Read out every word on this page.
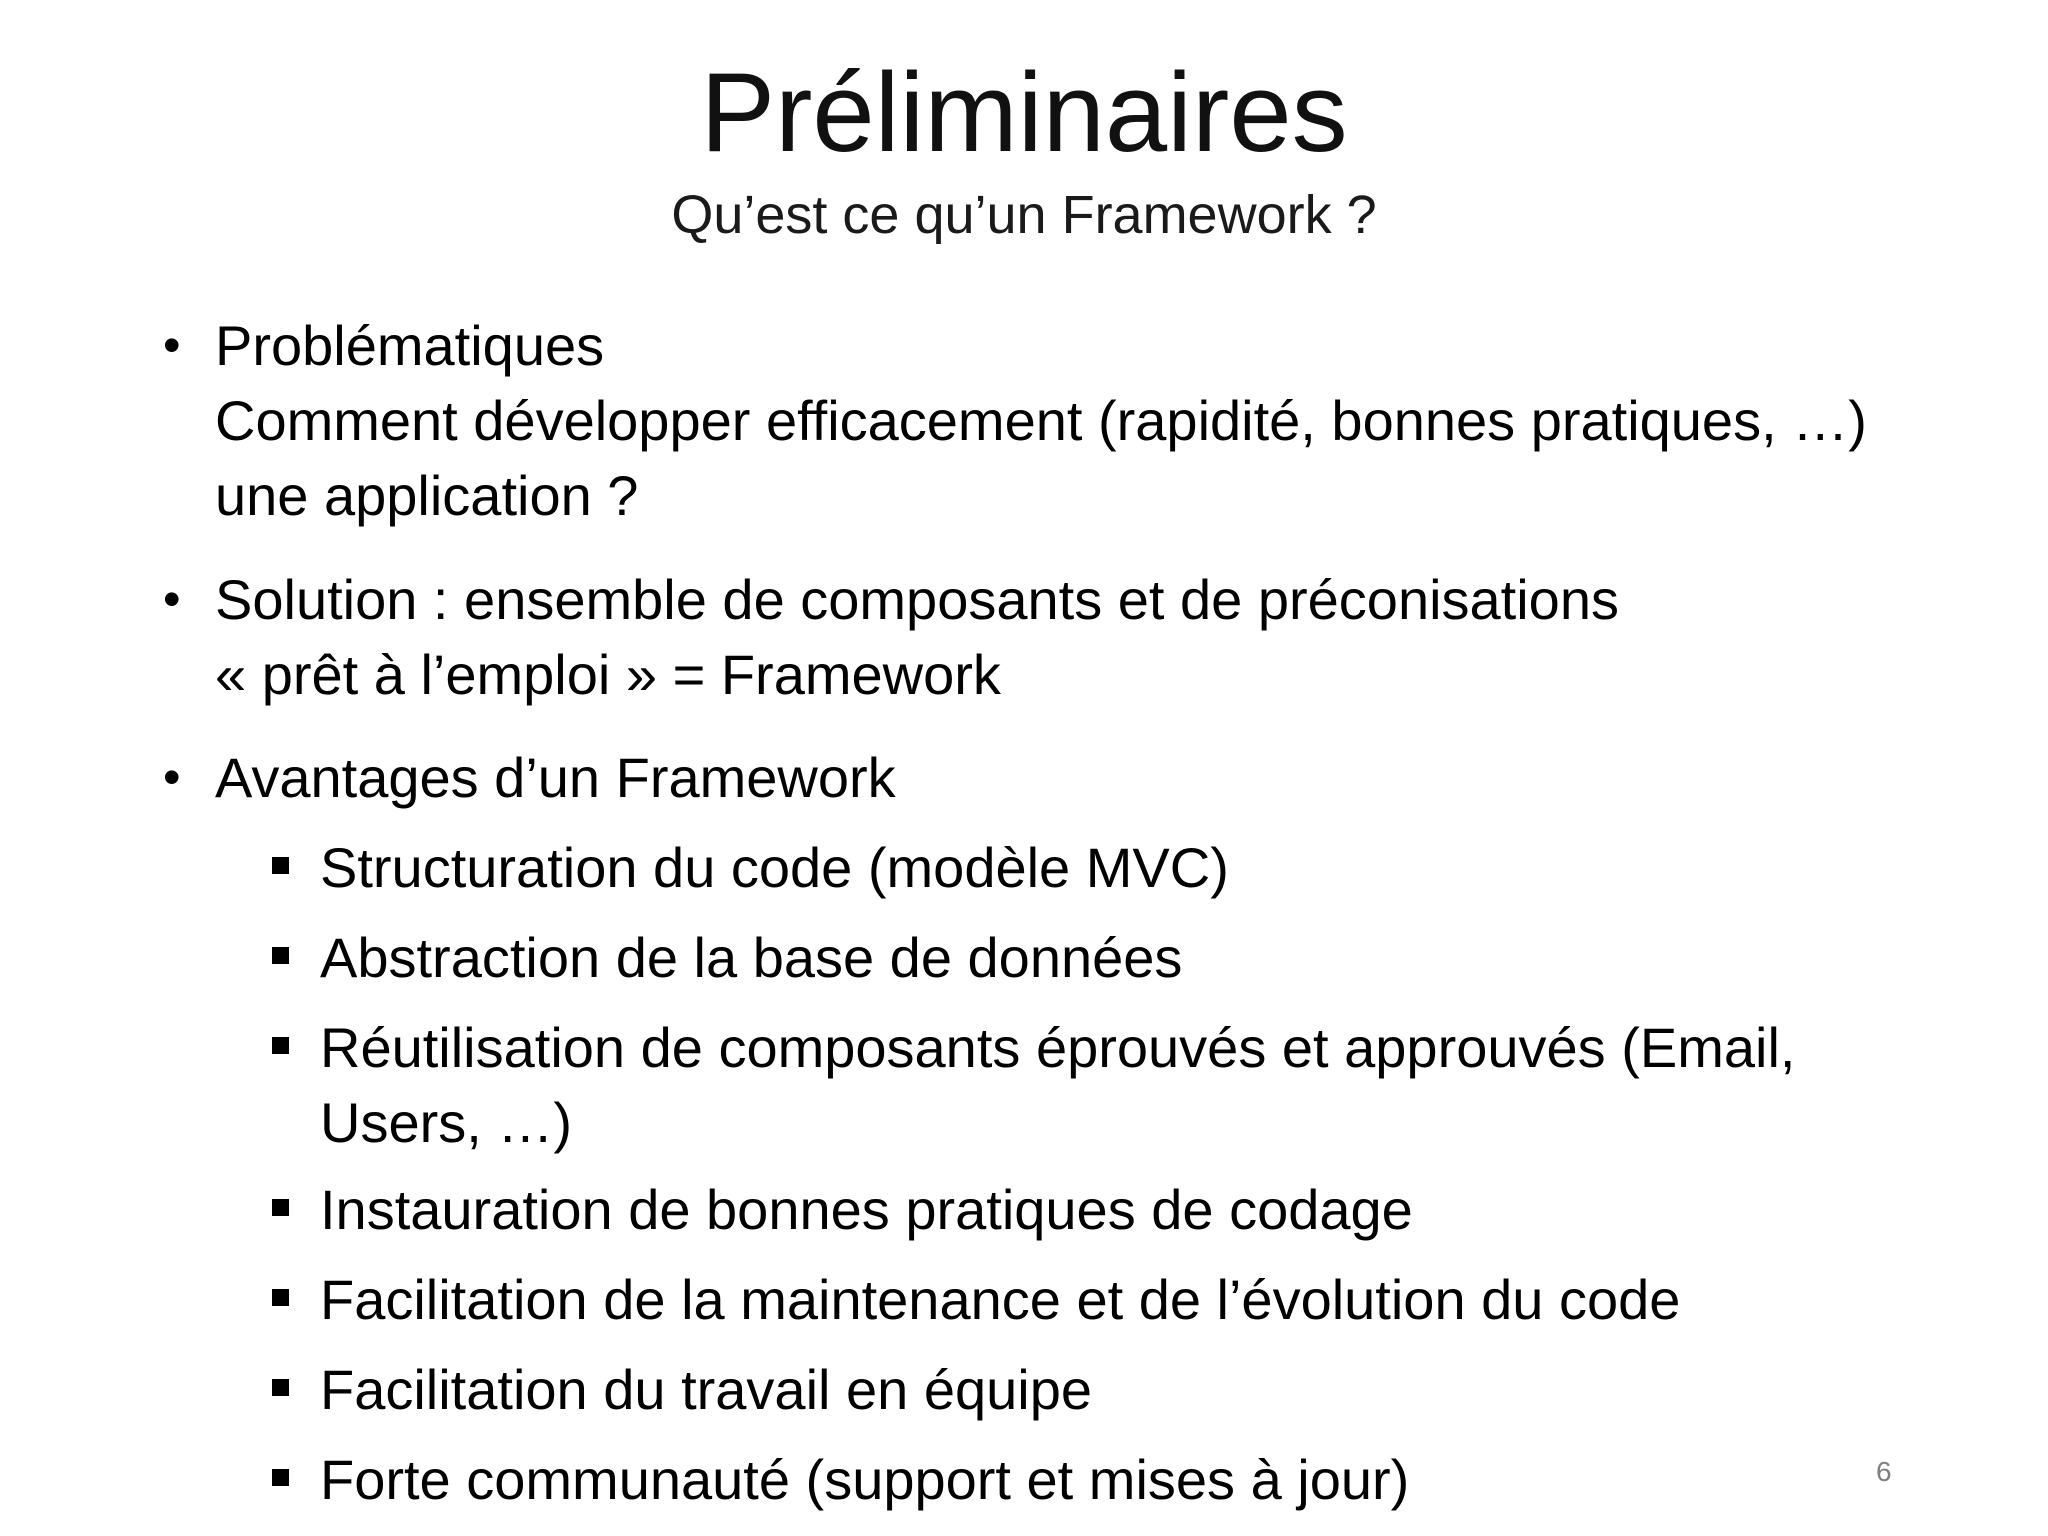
Préliminaires
Qu’est ce qu’un Framework ?
• Problématiques
Comment développer efficacement (rapidité, bonnes pratiques, …) une application ?
• Solution : ensemble de composants et de préconisations
« prêt à l’emploi » = Framework
• Avantages d’un Framework
Structuration du code (modèle MVC)
Abstraction de la base de données
Réutilisation de composants éprouvés et approuvés (Email, Users, …)
Instauration de bonnes pratiques de codage
Facilitation de la maintenance et de l’évolution du code
Facilitation du travail en équipe
Forte communauté (support et mises à jour)	6
